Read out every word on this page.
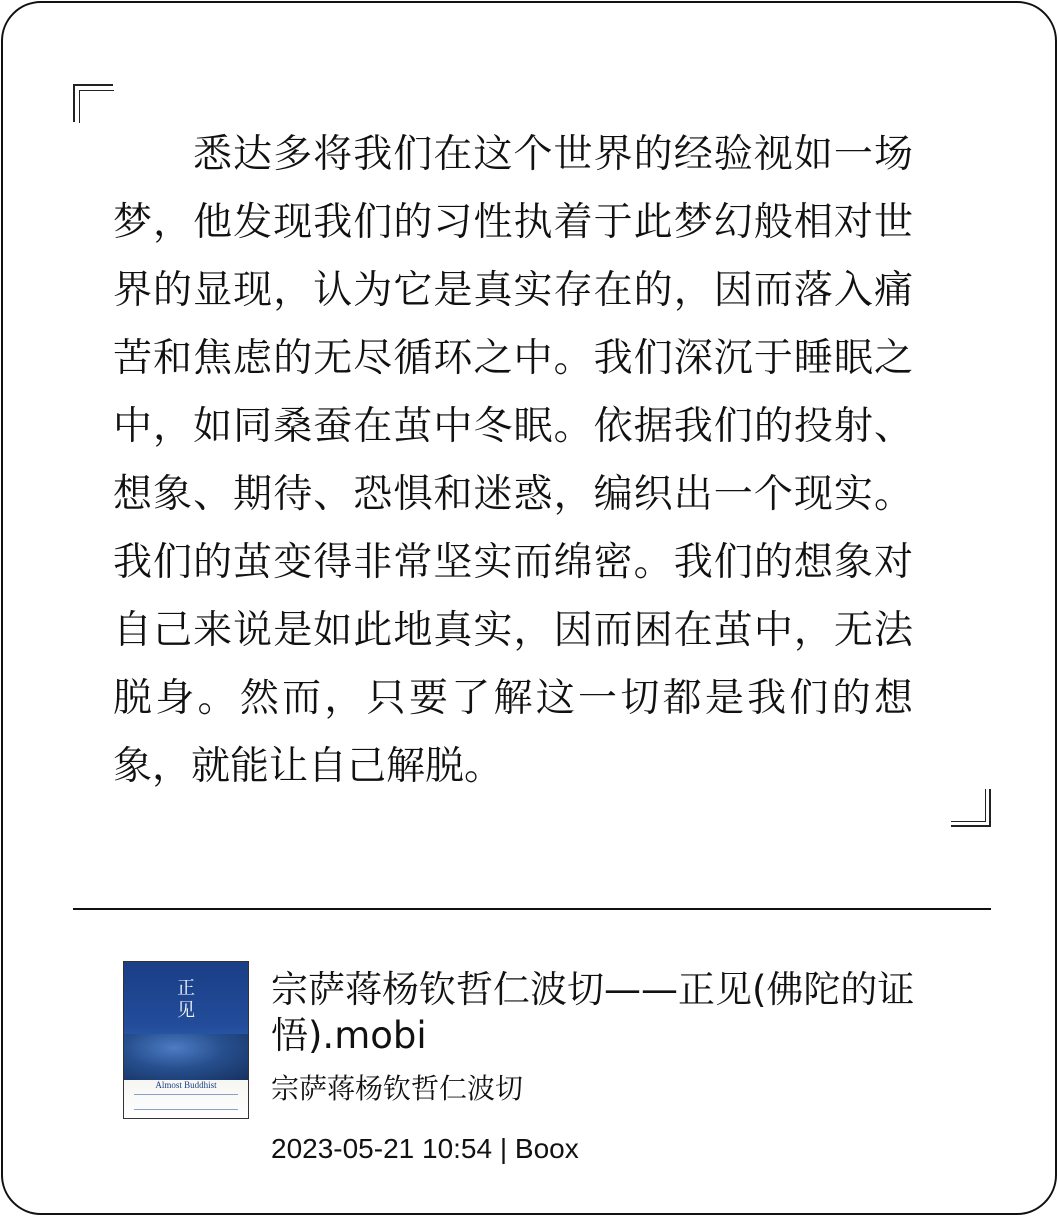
悉达多将我们在这个世界的经验视如一场梦，他发现我们的习性执着于此梦幻般相对世界的显现，认为它是真实存在的，因而落入痛苦和焦虑的无尽循环之中。我们深沉于睡眠之中，如同桑蚕在茧中冬眠。依据我们的投射、想象、期待、恐惧和迷惑，编织出一个现实。我们的茧变得非常坚实而绵密。我们的想象对自己来说是如此地真实，因而困在茧中，无法脱身。然而，只要了解这一切都是我们的想象，就能让自己解脱。

正见
Almost Buddhist

宗萨蒋杨钦哲仁波切——正见(佛陀的证悟).mobi

宗萨蒋杨钦哲仁波切

2023-05-21 10:54 | Boox
